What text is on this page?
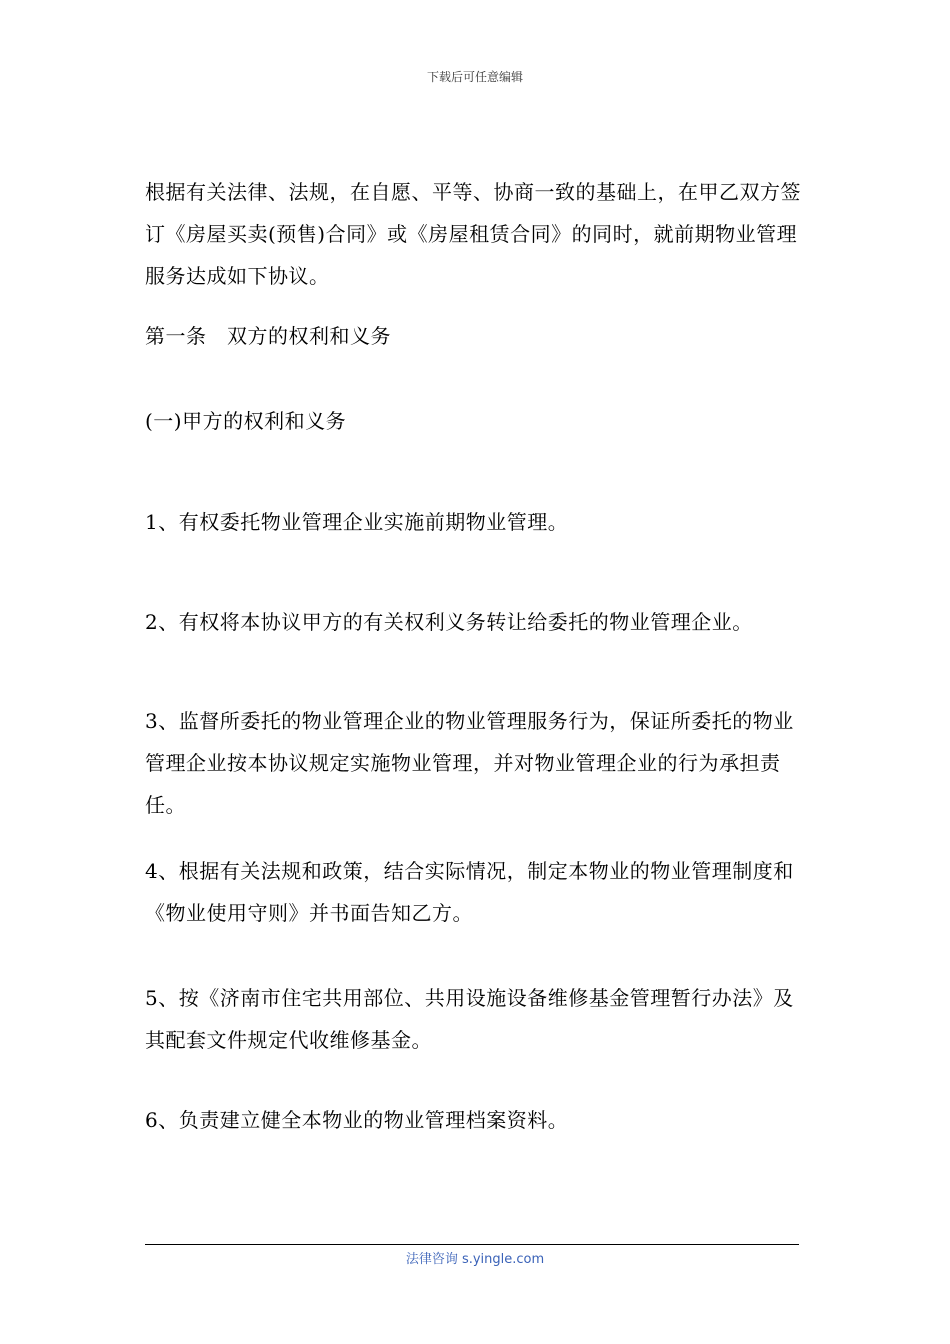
下载后可任意编辑

根据有关法律、法规，在自愿、平等、协商一致的基础上，在甲乙双方签订《房屋买卖(预售)合同》或《房屋租赁合同》的同时，就前期物业管理服务达成如下协议。

第一条　双方的权利和义务

(一)甲方的权利和义务

1、有权委托物业管理企业实施前期物业管理。

2、有权将本协议甲方的有关权利义务转让给委托的物业管理企业。

3、监督所委托的物业管理企业的物业管理服务行为，保证所委托的物业管理企业按本协议规定实施物业管理，并对物业管理企业的行为承担责任。

4、根据有关法规和政策，结合实际情况，制定本物业的物业管理制度和《物业使用守则》并书面告知乙方。

5、按《济南市住宅共用部位、共用设施设备维修基金管理暂行办法》及其配套文件规定代收维修基金。

6、负责建立健全本物业的物业管理档案资料。

法律咨询 s.yingle.com
